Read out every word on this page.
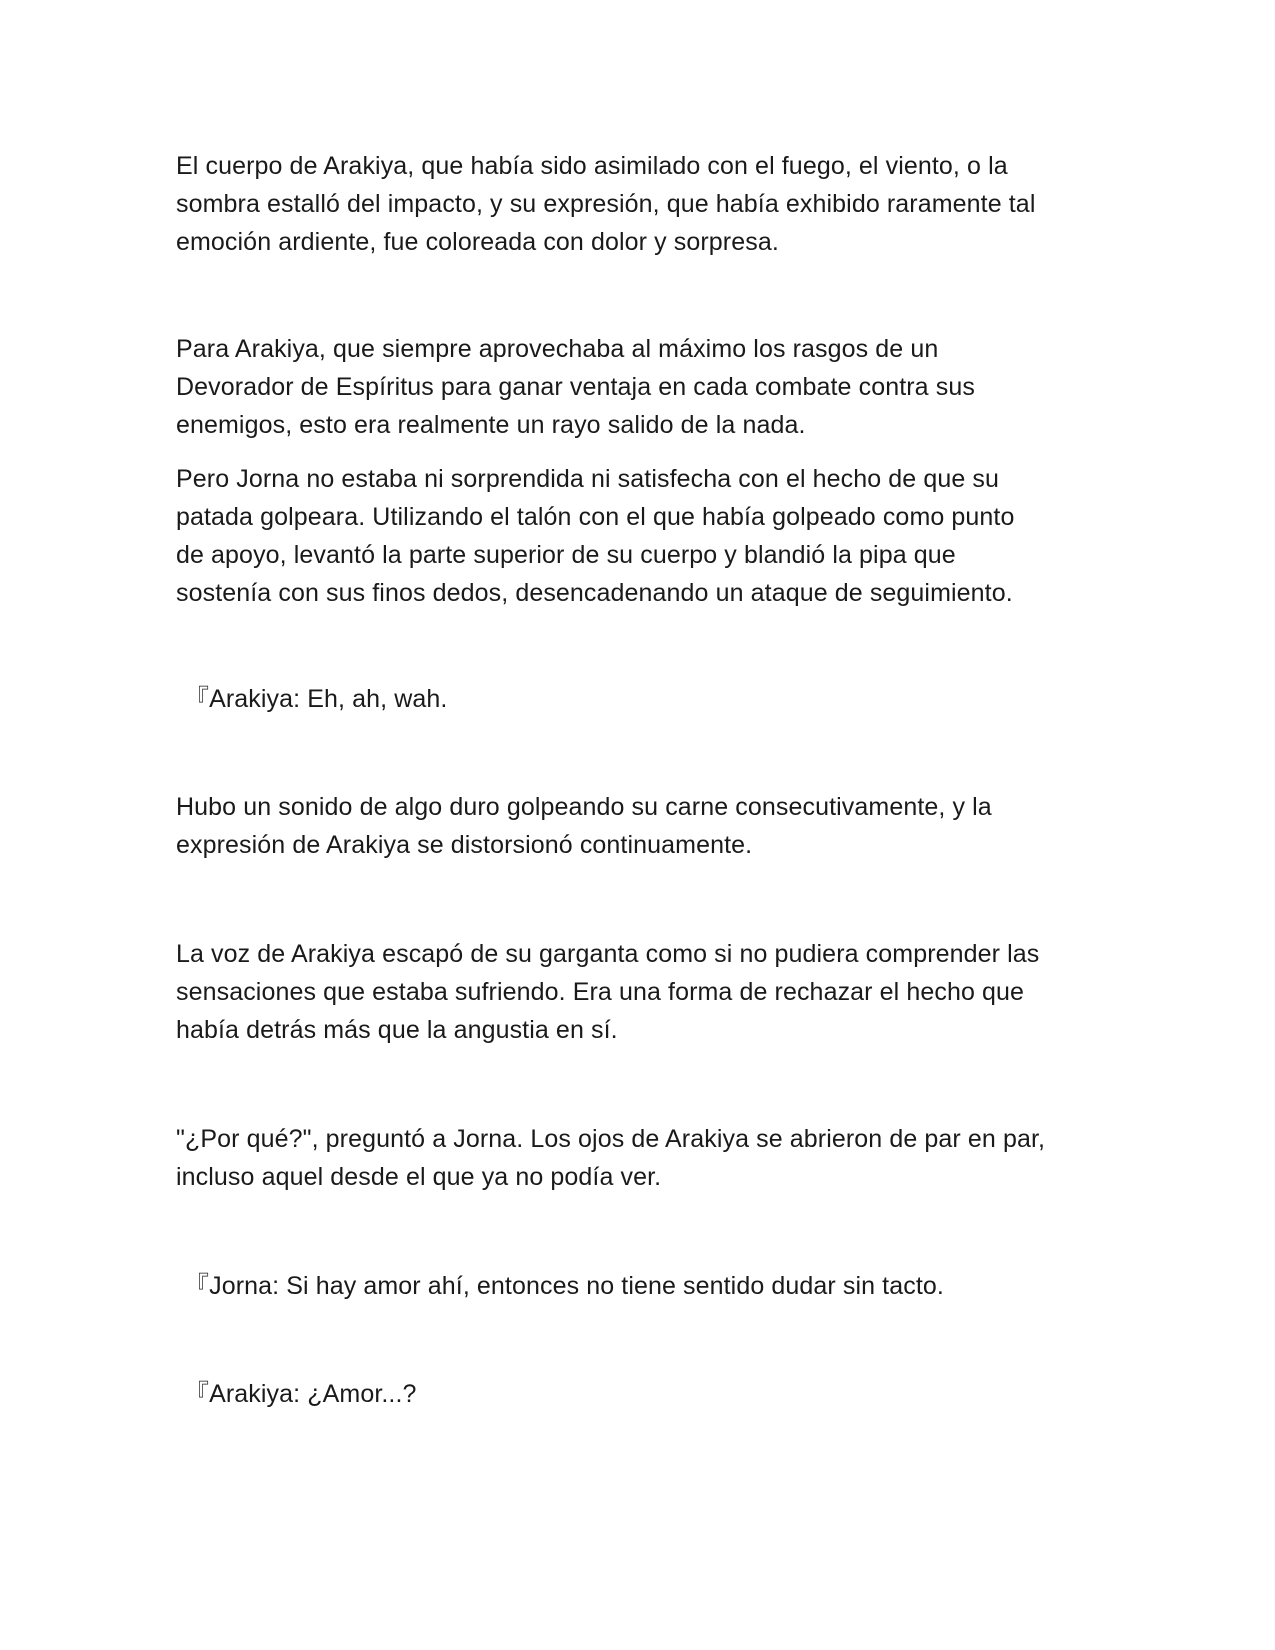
El cuerpo de Arakiya, que había sido asimilado con el fuego, el viento, o la
sombra estalló del impacto, y su expresión, que había exhibido raramente tal
emoción ardiente, fue coloreada con dolor y sorpresa.

Para Arakiya, que siempre aprovechaba al máximo los rasgos de un
Devorador de Espíritus para ganar ventaja en cada combate contra sus
enemigos, esto era realmente un rayo salido de la nada.

Pero Jorna no estaba ni sorprendida ni satisfecha con el hecho de que su
patada golpeara. Utilizando el talón con el que había golpeado como punto
de apoyo, levantó la parte superior de su cuerpo y blandió la pipa que
sostenía con sus finos dedos, desencadenando un ataque de seguimiento.

『Arakiya: Eh, ah, wah.

Hubo un sonido de algo duro golpeando su carne consecutivamente, y la
expresión de Arakiya se distorsionó continuamente.

La voz de Arakiya escapó de su garganta como si no pudiera comprender las
sensaciones que estaba sufriendo. Era una forma de rechazar el hecho que
había detrás más que la angustia en sí.

"¿Por qué?", preguntó a Jorna. Los ojos de Arakiya se abrieron de par en par,
incluso aquel desde el que ya no podía ver.

『Jorna: Si hay amor ahí, entonces no tiene sentido dudar sin tacto.

『Arakiya: ¿Amor...?
